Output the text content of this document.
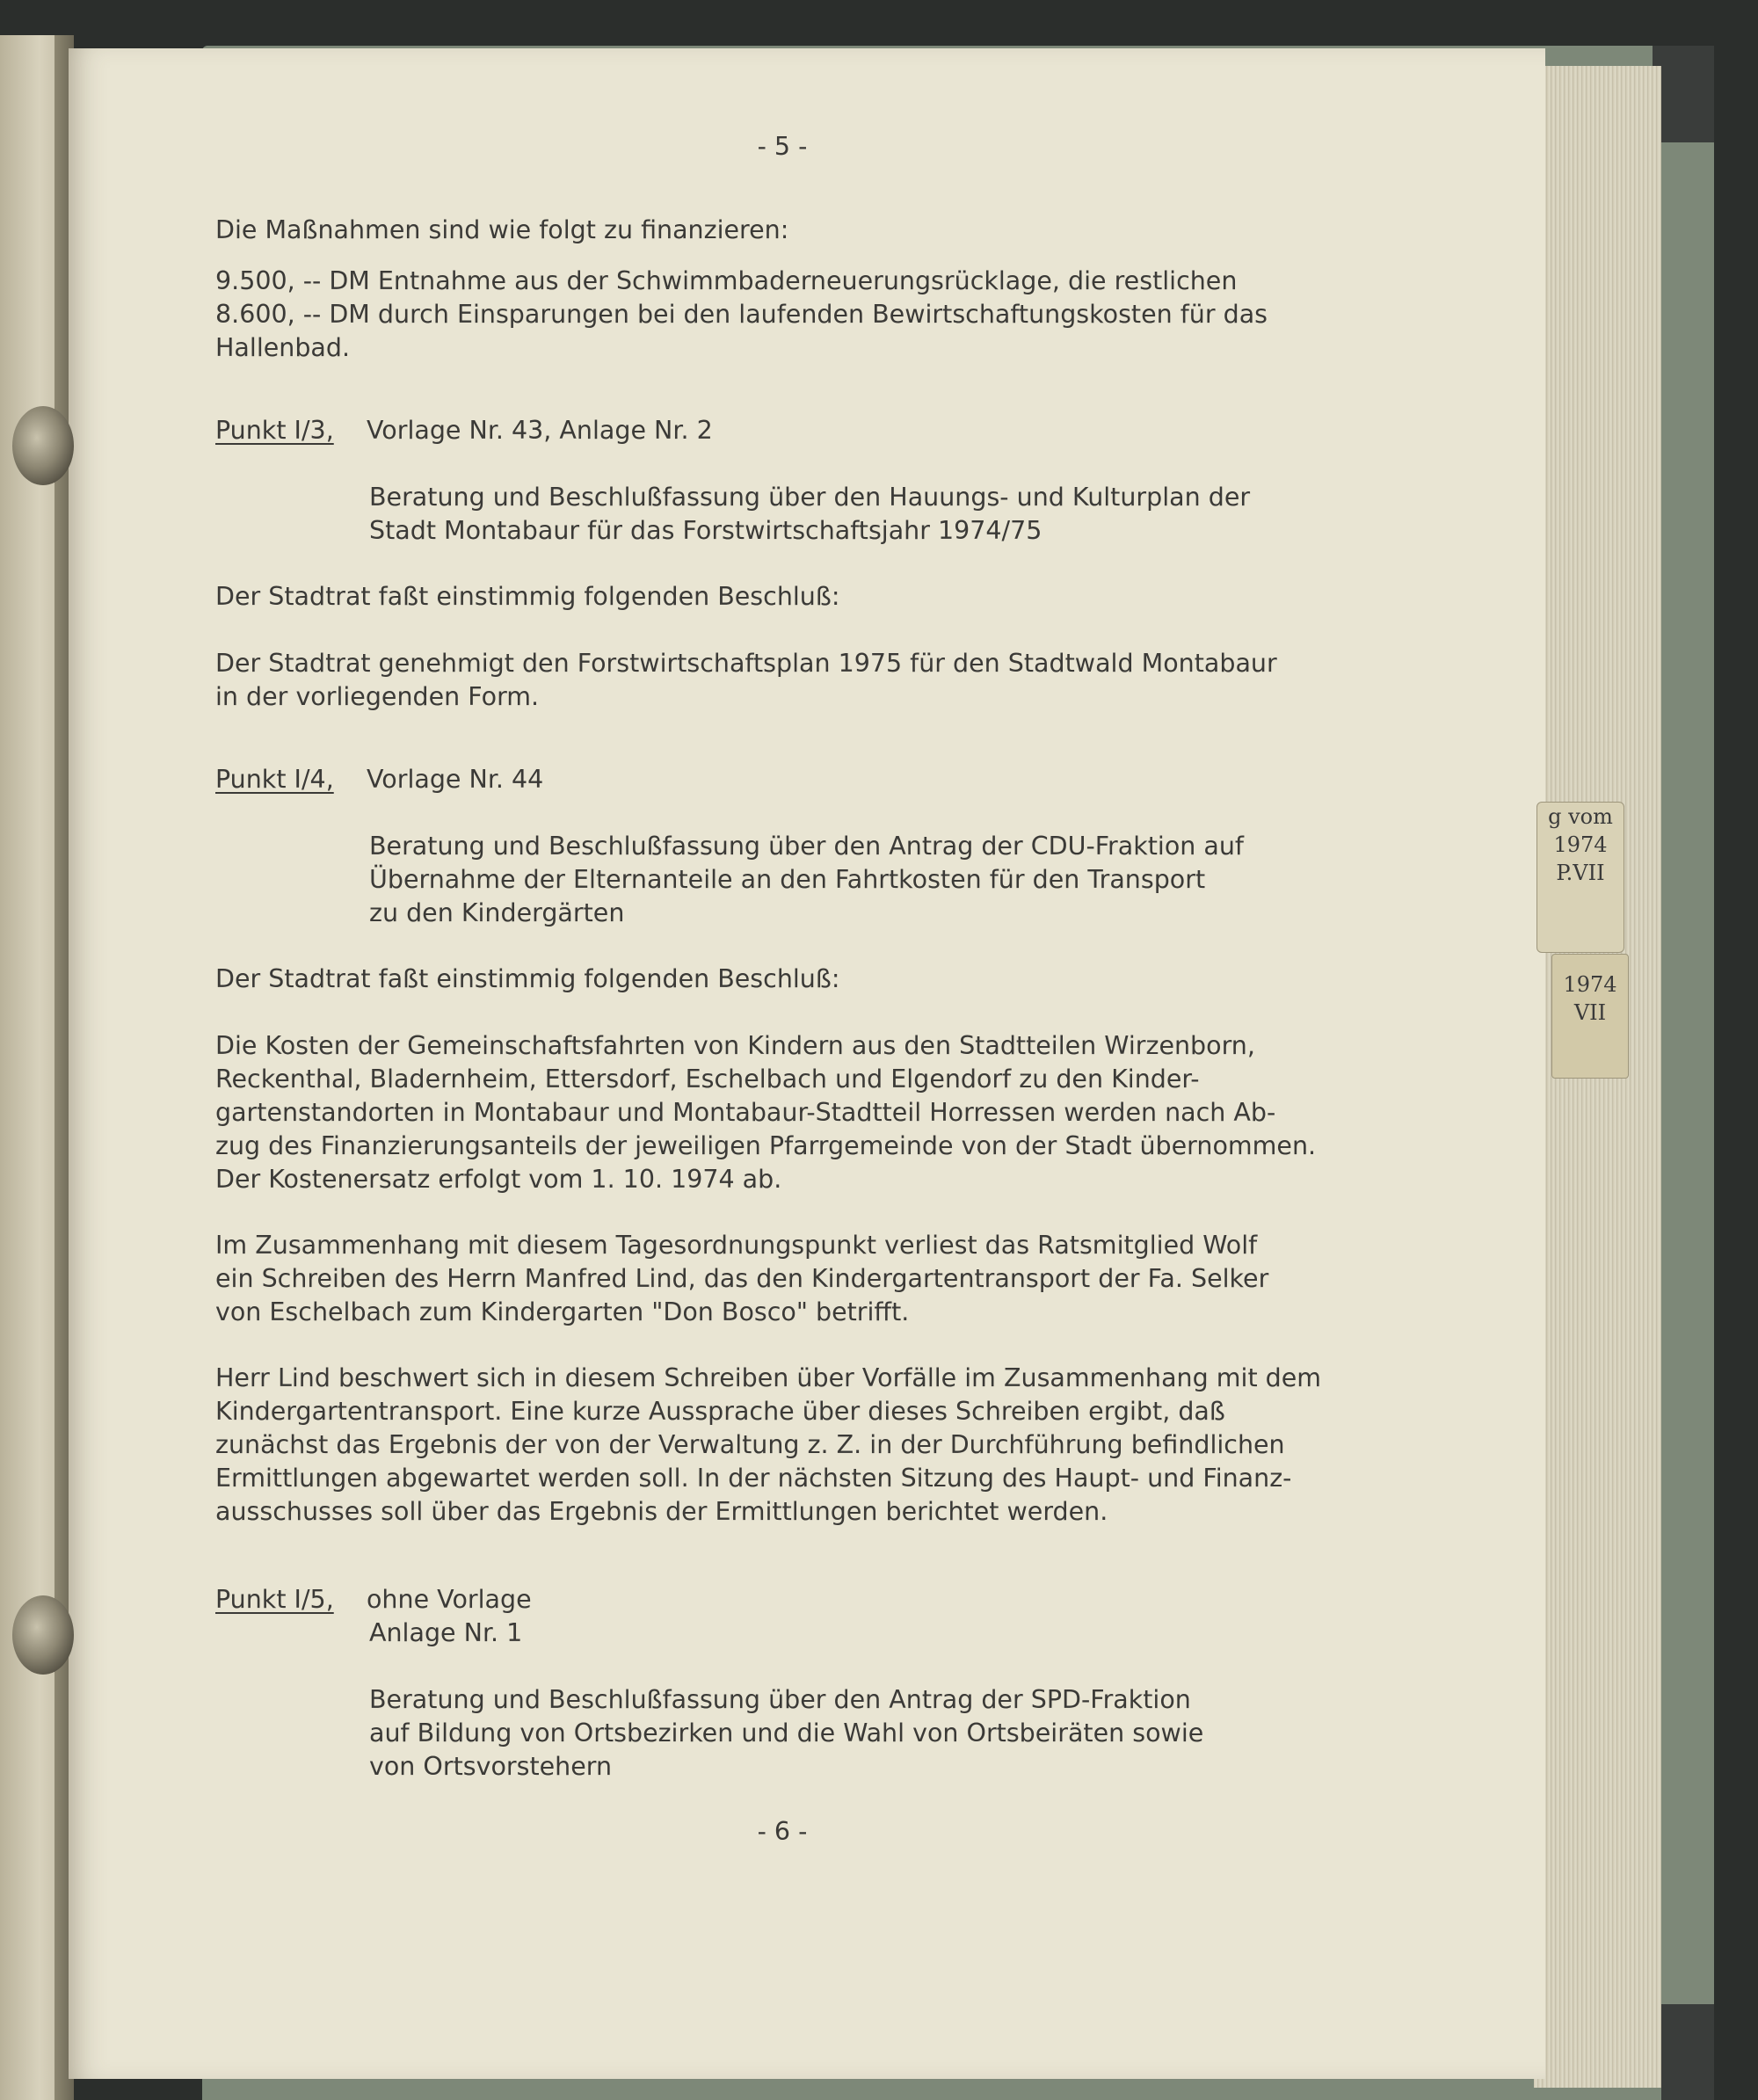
g vom
1974
P.VII
1974
VII
- 5 -
Die Maßnahmen sind wie folgt zu finanzieren:
9.500, -- DM Entnahme aus der Schwimmbaderneuerungsrücklage, die restlichen
8.600, -- DM durch Einsparungen bei den laufenden Bewirtschaftungskosten für das
Hallenbad.
Punkt I/3, Vorlage Nr. 43, Anlage Nr. 2
Beratung und Beschlußfassung über den Hauungs- und Kulturplan der
Stadt Montabaur für das Forstwirtschaftsjahr 1974/75
Der Stadtrat faßt einstimmig folgenden Beschluß:
Der Stadtrat genehmigt den Forstwirtschaftsplan 1975 für den Stadtwald Montabaur
in der vorliegenden Form.
Punkt I/4, Vorlage Nr. 44
Beratung und Beschlußfassung über den Antrag der CDU-Fraktion auf
Übernahme der Elternanteile an den Fahrtkosten für den Transport
zu den Kindergärten
Der Stadtrat faßt einstimmig folgenden Beschluß:
Die Kosten der Gemeinschaftsfahrten von Kindern aus den Stadtteilen Wirzenborn,
Reckenthal, Bladernheim, Ettersdorf, Eschelbach und Elgendorf zu den Kinder-
gartenstandorten in Montabaur und Montabaur-Stadtteil Horressen werden nach Ab-
zug des Finanzierungsanteils der jeweiligen Pfarrgemeinde von der Stadt übernommen.
Der Kostenersatz erfolgt vom 1. 10. 1974 ab.
Im Zusammenhang mit diesem Tagesordnungspunkt verliest das Ratsmitglied Wolf
ein Schreiben des Herrn Manfred Lind, das den Kindergartentransport der Fa. Selker
von Eschelbach zum Kindergarten "Don Bosco" betrifft.
Herr Lind beschwert sich in diesem Schreiben über Vorfälle im Zusammenhang mit dem
Kindergartentransport. Eine kurze Aussprache über dieses Schreiben ergibt, daß
zunächst das Ergebnis der von der Verwaltung z. Z. in der Durchführung befindlichen
Ermittlungen abgewartet werden soll. In der nächsten Sitzung des Haupt- und Finanz-
ausschusses soll über das Ergebnis der Ermittlungen berichtet werden.
Punkt I/5, ohne Vorlage
Anlage Nr. 1
Beratung und Beschlußfassung über den Antrag der SPD-Fraktion
auf Bildung von Ortsbezirken und die Wahl von Ortsbeiräten sowie
von Ortsvorstehern
- 6 -
